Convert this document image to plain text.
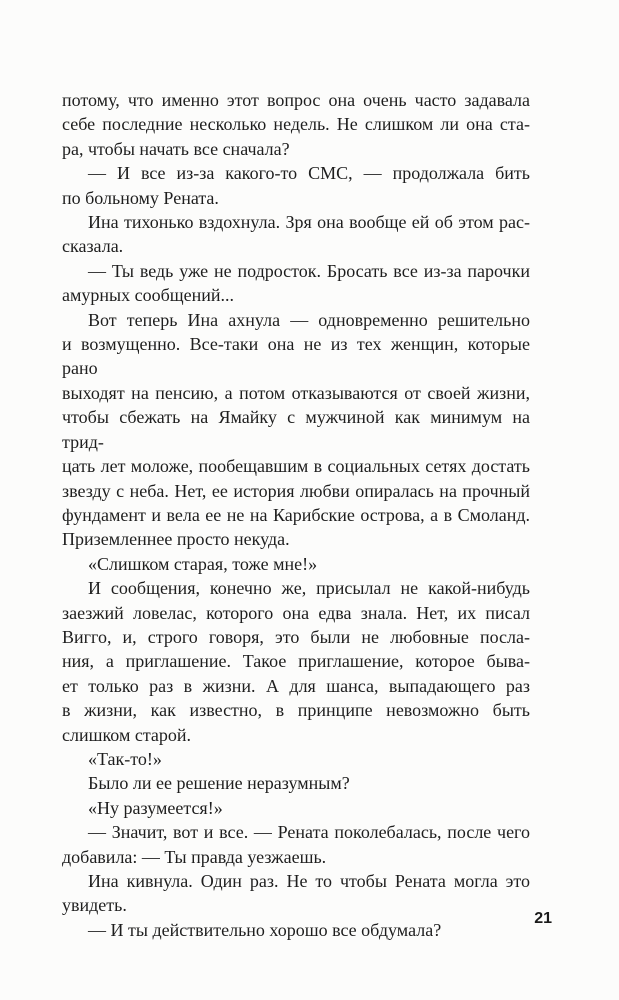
потому, что именно этот вопрос она очень часто задавала
себе последние несколько недель. Не слишком ли она ста-
ра, чтобы начать все сначала?
— И все из-за какого-то СМС, — продолжала бить
по больному Рената.
Ина тихонько вздохнула. Зря она вообще ей об этом рас-
сказала.
— Ты ведь уже не подросток. Бросать все из-за парочки
амурных сообщений...
Вот теперь Ина ахнула — одновременно решительно
и возмущенно. Все-таки она не из тех женщин, которые рано
выходят на пенсию, а потом отказываются от своей жизни,
чтобы сбежать на Ямайку с мужчиной как минимум на трид-
цать лет моложе, пообещавшим в социальных сетях достать
звезду с неба. Нет, ее история любви опиралась на прочный
фундамент и вела ее не на Карибские острова, а в Смоланд.
Приземленнее просто некуда.
«Слишком старая, тоже мне!»
И сообщения, конечно же, присылал не какой-нибудь
заезжий ловелас, которого она едва знала. Нет, их писал
Вигго, и, строго говоря, это были не любовные посла-
ния, а приглашение. Такое приглашение, которое быва-
ет только раз в жизни. А для шанса, выпадающего раз
в жизни, как известно, в принципе невозможно быть
слишком старой.
«Так-то!»
Было ли ее решение неразумным?
«Ну разумеется!»
— Значит, вот и все. — Рената поколебалась, после чего
добавила: — Ты правда уезжаешь.
Ина кивнула. Один раз. Не то чтобы Рената могла это
увидеть.
— И ты действительно хорошо все обдумала?
21
